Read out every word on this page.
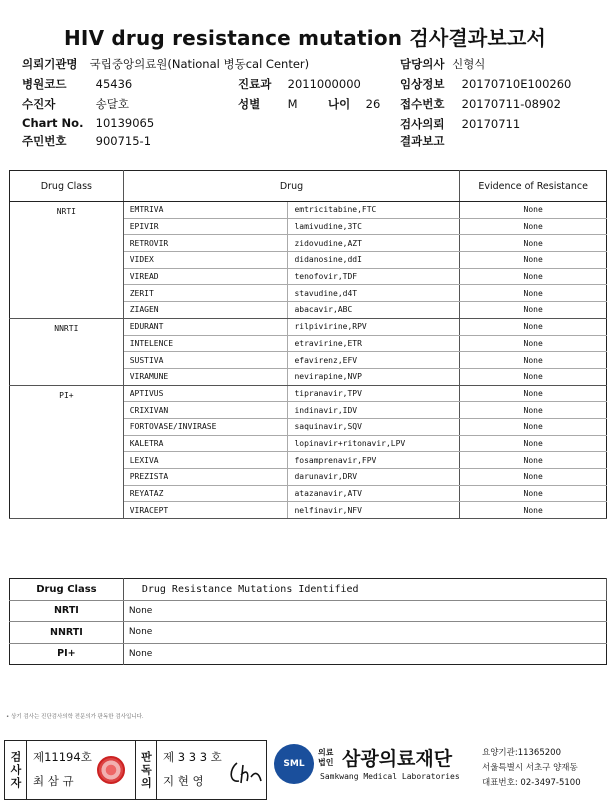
HIV drug resistance mutation 검사결과보고서
의뢰기관명 국립중앙의료원(National 병동cal Center)	담당의사 신형식
병원코드	45436	진료과 2011000000	임상정보 20170710E100260
수진자	송달호	성별 M	나이 26 접수번호 20170711-08902
Chart No. 10139065	검사의뢰 20170711
주민번호	900715-1	결과보고
Drug Class	Drug		Evidence of Resistance
NRTI	EMTRIVA	emtricitabine,FTC	None
	EPIVIR	lamivudine,3TC	None
	RETROVIR	zidovudine,AZT	None
	VIDEX	didanosine,ddI	None
	VIREAD	tenofovir,TDF	None
	ZERIT	stavudine,d4T	None
	ZIAGEN	abacavir,ABC	None
NNRTI	EDURANT	rilpivirine,RPV	None
	INTELENCE	etravirine,ETR	None
	SUSTIVA	efavirenz,EFV	None
	VIRAMUNE	nevirapine,NVP	None
PI+	APTIVUS	tipranavir,TPV	None
	CRIXIVAN	indinavir,IDV	None
	FORTOVASE/INVIRASE	saquinavir,SQV	None
	KALETRA	lopinavir+ritonavir,LPV	None
	LEXIVA	fosamprenavir,FPV	None
	PREZISTA	darunavir,DRV	None
	REYATAZ	atazanavir,ATV	None
	VIRACEPT	nelfinavir,NFV	None
Drug Class	Drug Resistance Mutations Identified
NRTI	None
NNRTI	None
PI+	None
• 상기 검사는 진단검사의학 전문의가 판독한 검사입니다.
검사자 제11194호
최 삼 규	판독의 제 3 3 3 호
지 현 영
SML
의료
법인 삼광의료재단
Samkwang Medical Laboratories
요양기관:11365200
서울특별시 서초구 양재동
대표번호: 02-3497-5100
